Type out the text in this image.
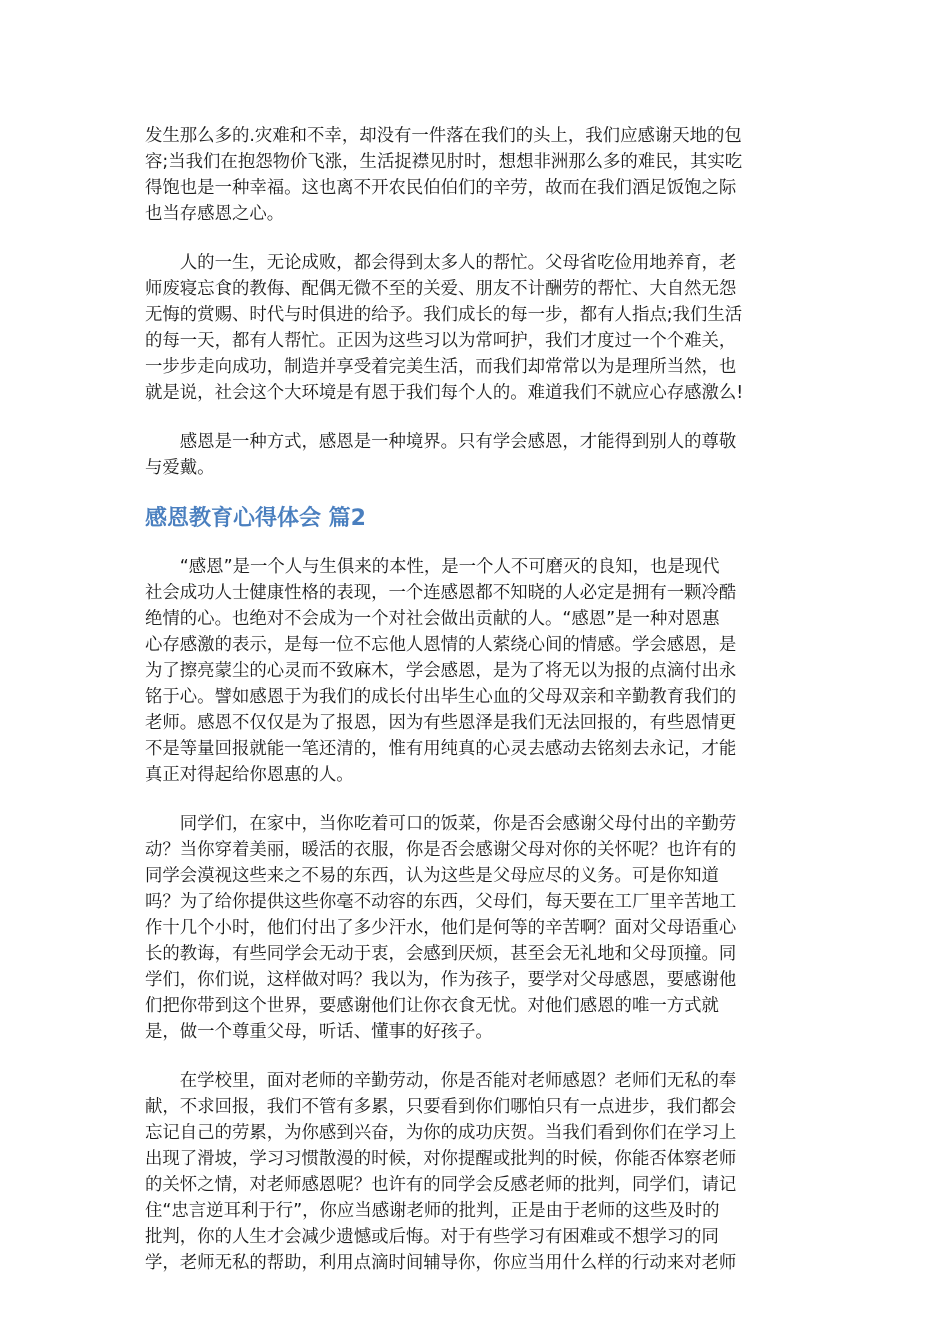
发生那么多的.灾难和不幸，却没有一件落在我们的头上，我们应感谢天地的包
容;当我们在抱怨物价飞涨，生活捉襟见肘时，想想非洲那么多的难民，其实吃
得饱也是一种幸福。这也离不开农民伯伯们的辛劳，故而在我们酒足饭饱之际
也当存感恩之心。

　　人的一生，无论成败，都会得到太多人的帮忙。父母省吃俭用地养育，老
师废寝忘食的教侮、配偶无微不至的关爱、朋友不计酬劳的帮忙、大自然无怨
无悔的赏赐、时代与时俱进的给予。我们成长的每一步，都有人指点;我们生活
的每一天，都有人帮忙。正因为这些习以为常呵护，我们才度过一个个难关，
一步步走向成功，制造并享受着完美生活，而我们却常常以为是理所当然，也
就是说，社会这个大环境是有恩于我们每个人的。难道我们不就应心存感激么!

　　感恩是一种方式，感恩是一种境界。只有学会感恩，才能得到别人的尊敬
与爱戴。

感恩教育心得体会 篇2

　　“感恩”是一个人与生俱来的本性，是一个人不可磨灭的良知，也是现代
社会成功人士健康性格的表现，一个连感恩都不知晓的人必定是拥有一颗冷酷
绝情的心。也绝对不会成为一个对社会做出贡献的人。“感恩”是一种对恩惠
心存感激的表示，是每一位不忘他人恩情的人萦绕心间的情感。学会感恩，是
为了擦亮蒙尘的心灵而不致麻木，学会感恩，是为了将无以为报的点滴付出永
铭于心。譬如感恩于为我们的成长付出毕生心血的父母双亲和辛勤教育我们的
老师。感恩不仅仅是为了报恩，因为有些恩泽是我们无法回报的，有些恩情更
不是等量回报就能一笔还清的，惟有用纯真的心灵去感动去铭刻去永记，才能
真正对得起给你恩惠的人。

　　同学们，在家中，当你吃着可口的饭菜，你是否会感谢父母付出的辛勤劳
动？当你穿着美丽，暖活的衣服，你是否会感谢父母对你的关怀呢？也许有的
同学会漠视这些来之不易的东西，认为这些是父母应尽的义务。可是你知道
吗？为了给你提供这些你毫不动容的东西，父母们，每天要在工厂里辛苦地工
作十几个小时，他们付出了多少汗水，他们是何等的辛苦啊？面对父母语重心
长的教诲，有些同学会无动于衷，会感到厌烦，甚至会无礼地和父母顶撞。同
学们，你们说，这样做对吗？我以为，作为孩子，要学对父母感恩，要感谢他
们把你带到这个世界，要感谢他们让你衣食无忧。对他们感恩的唯一方式就
是，做一个尊重父母，听话、懂事的好孩子。

　　在学校里，面对老师的辛勤劳动，你是否能对老师感恩？老师们无私的奉
献，不求回报，我们不管有多累，只要看到你们哪怕只有一点进步，我们都会
忘记自己的劳累，为你感到兴奋，为你的成功庆贺。当我们看到你们在学习上
出现了滑坡，学习习惯散漫的时候，对你提醒或批判的时候，你能否体察老师
的关怀之情，对老师感恩呢？也许有的同学会反感老师的批判，同学们，请记
住“忠言逆耳利于行”，你应当感谢老师的批判，正是由于老师的这些及时的
批判，你的人生才会减少遗憾或后悔。对于有些学习有困难或不想学习的同
学，老师无私的帮助，利用点滴时间辅导你，你应当用什么样的行动来对老师
